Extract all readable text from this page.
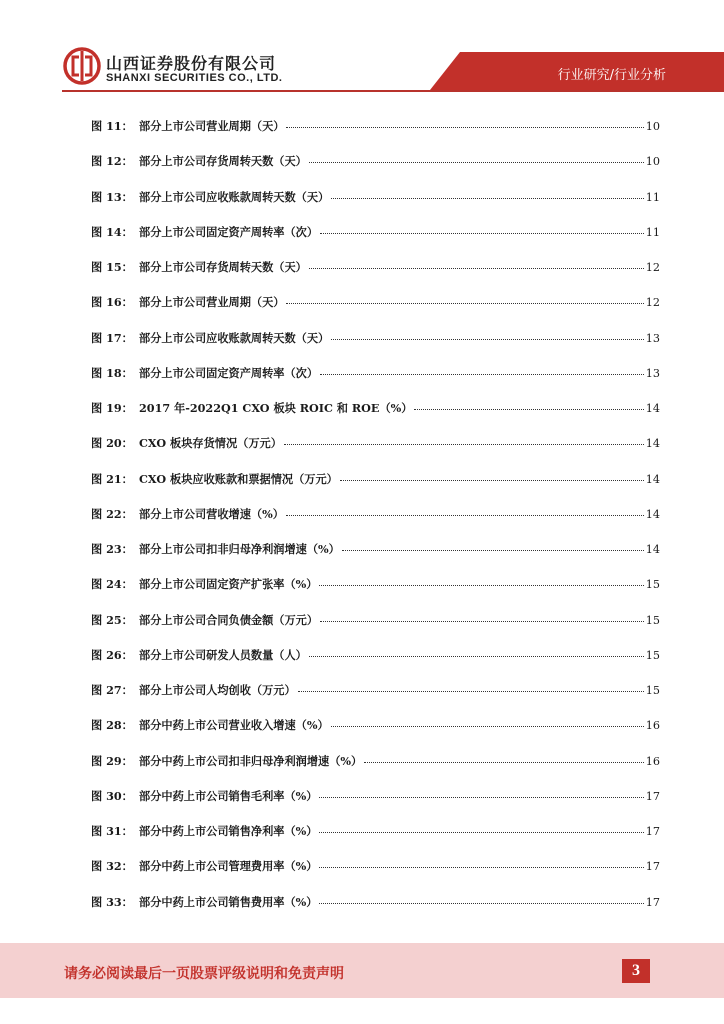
山西证券股份有限公司
SHANXI SECURITIES CO., LTD.	行业研究/行业分析
图 11： 部分上市公司营业周期（天）	10
图 12： 部分上市公司存货周转天数（天）	10
图 13： 部分上市公司应收账款周转天数（天）	11
图 14： 部分上市公司固定资产周转率（次）	11
图 15： 部分上市公司存货周转天数（天）	12
图 16： 部分上市公司营业周期（天）	12
图 17： 部分上市公司应收账款周转天数（天）	13
图 18： 部分上市公司固定资产周转率（次）	13
图 19： 2017 年-2022Q1 CXO 板块 ROIC 和 ROE（%）	14
图 20： CXO 板块存货情况（万元）	14
图 21： CXO 板块应收账款和票据情况（万元）	14
图 22： 部分上市公司营收增速（%）	14
图 23： 部分上市公司扣非归母净利润增速（%）	14
图 24： 部分上市公司固定资产扩张率（%）	15
图 25： 部分上市公司合同负债金额（万元）	15
图 26： 部分上市公司研发人员数量（人）	15
图 27： 部分上市公司人均创收（万元）	15
图 28： 部分中药上市公司营业收入增速（%）	16
图 29： 部分中药上市公司扣非归母净利润增速（%）	16
图 30： 部分中药上市公司销售毛利率（%）	17
图 31： 部分中药上市公司销售净利率（%）	17
图 32： 部分中药上市公司管理费用率（%）	17
图 33： 部分中药上市公司销售费用率（%）	17
请务必阅读最后一页股票评级说明和免责声明	3
